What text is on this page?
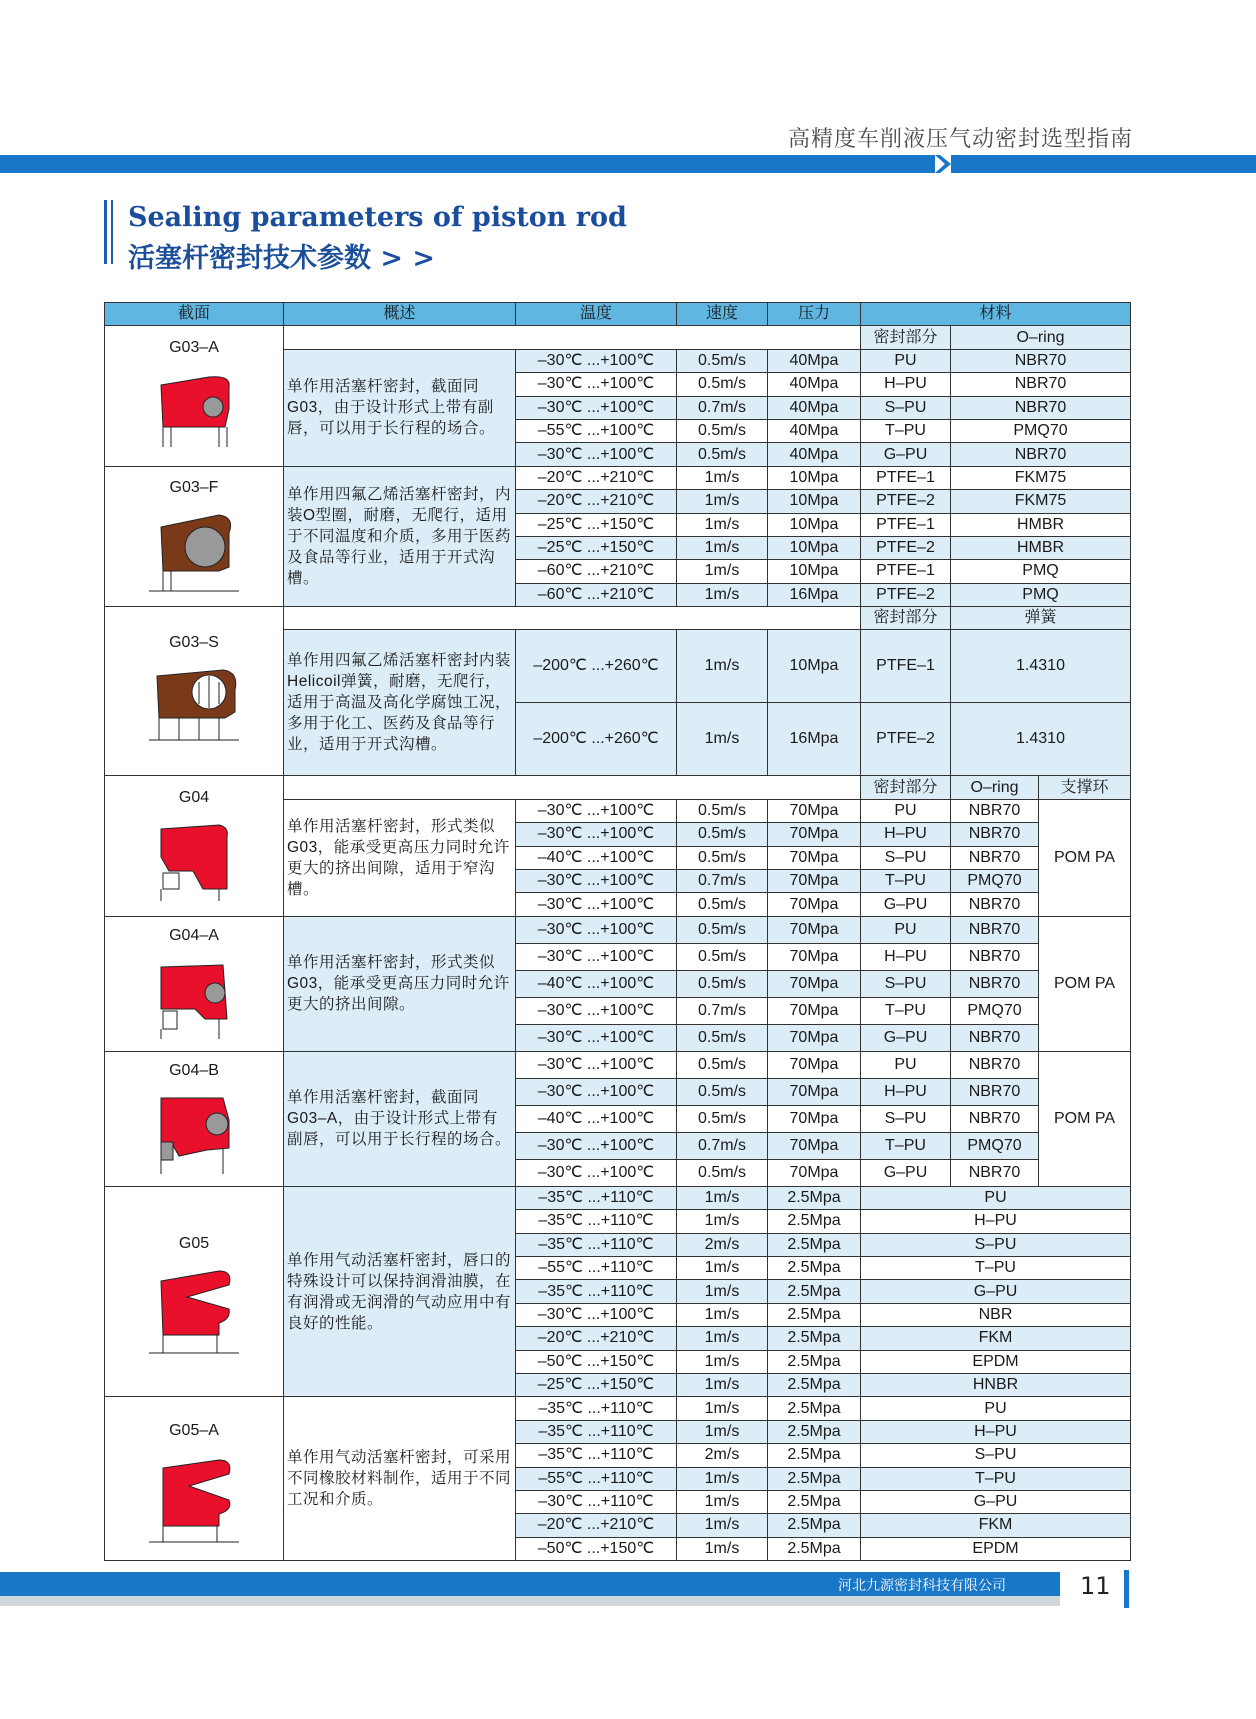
高精度车削液压气动密封选型指南
Sealing parameters of piston rod
活塞杆密封技术参数 > >
截面	概述	温度	速度	压力	材料		

G03–A					密封部分	O–ring	
	单作用活塞杆密封，截面同G03，由于设计形式上带有副唇，可以用于长行程的场合。	–30℃ ...+100℃	0.5m/s	40Mpa	PU	NBR70	
		–30℃ ...+100℃	0.5m/s	40Mpa	H–PU	NBR70	
		–30℃ ...+100℃	0.7m/s	40Mpa	S–PU	NBR70	
		–55℃ ...+100℃	0.5m/s	40Mpa	T–PU	PMQ70	
		–30℃ ...+100℃	0.5m/s	40Mpa	G–PU	NBR70	

G03–F	单作用四氟乙烯活塞杆密封，内装O型圈，耐磨，无爬行，适用于不同温度和介质，多用于医药及食品等行业，适用于开式沟槽。	–20℃ ...+210℃	1m/s	10Mpa	PTFE–1	FKM75	
		–20℃ ...+210℃	1m/s	10Mpa	PTFE–2	FKM75	
		–25℃ ...+150℃	1m/s	10Mpa	PTFE–1	HMBR	
		–25℃ ...+150℃	1m/s	10Mpa	PTFE–2	HMBR	
		–60℃ ...+210℃	1m/s	10Mpa	PTFE–1	PMQ	
		–60℃ ...+210℃	1m/s	16Mpa	PTFE–2	PMQ	

G03–S					密封部分	弹簧	
	单作用四氟乙烯活塞杆密封内装Helicoil弹簧，耐磨，无爬行，适用于高温及高化学腐蚀工况，多用于化工、医药及食品等行业，适用于开式沟槽。	–200℃ ...+260℃	1m/s	10Mpa	PTFE–1	1.4310	
		–200℃ ...+260℃	1m/s	16Mpa	PTFE–2	1.4310	

G04					密封部分	O–ring	支撑环
	单作用活塞杆密封，形式类似G03，能承受更高压力同时允许更大的挤出间隙，适用于窄沟槽。	–30℃ ...+100℃	0.5m/s	70Mpa	PU	NBR70	POM PA
		–30℃ ...+100℃	0.5m/s	70Mpa	H–PU	NBR70	
		–40℃ ...+100℃	0.5m/s	70Mpa	S–PU	NBR70	
		–30℃ ...+100℃	0.7m/s	70Mpa	T–PU	PMQ70	
		–30℃ ...+100℃	0.5m/s	70Mpa	G–PU	NBR70	

G04–A	单作用活塞杆密封，形式类似G03，能承受更高压力同时允许更大的挤出间隙。	–30℃ ...+100℃	0.5m/s	70Mpa	PU	NBR70	POM PA
		–30℃ ...+100℃	0.5m/s	70Mpa	H–PU	NBR70	
		–40℃ ...+100℃	0.5m/s	70Mpa	S–PU	NBR70	
		–30℃ ...+100℃	0.7m/s	70Mpa	T–PU	PMQ70	
		–30℃ ...+100℃	0.5m/s	70Mpa	G–PU	NBR70	

G04–B	单作用活塞杆密封，截面同G03–A，由于设计形式上带有副唇，可以用于长行程的场合。	–30℃ ...+100℃	0.5m/s	70Mpa	PU	NBR70	POM PA
		–30℃ ...+100℃	0.5m/s	70Mpa	H–PU	NBR70	
		–40℃ ...+100℃	0.5m/s	70Mpa	S–PU	NBR70	
		–30℃ ...+100℃	0.7m/s	70Mpa	T–PU	PMQ70	
		–30℃ ...+100℃	0.5m/s	70Mpa	G–PU	NBR70	

G05	单作用气动活塞杆密封，唇口的特殊设计可以保持润滑油膜，在有润滑或无润滑的气动应用中有良好的性能。	–35℃ ...+110℃	1m/s	2.5Mpa	PU		
		–35℃ ...+110℃	1m/s	2.5Mpa	H–PU		
		–35℃ ...+110℃	2m/s	2.5Mpa	S–PU		
		–55℃ ...+110℃	1m/s	2.5Mpa	T–PU		
		–35℃ ...+110℃	1m/s	2.5Mpa	G–PU		
		–30℃ ...+100℃	1m/s	2.5Mpa	NBR		
		–20℃ ...+210℃	1m/s	2.5Mpa	FKM		
		–50℃ ...+150℃	1m/s	2.5Mpa	EPDM		
		–25℃ ...+150℃	1m/s	2.5Mpa	HNBR		

G05–A	单作用气动活塞杆密封，可采用不同橡胶材料制作，适用于不同工况和介质。	–35℃ ...+110℃	1m/s	2.5Mpa	PU		
		–35℃ ...+110℃	1m/s	2.5Mpa	H–PU		
		–35℃ ...+110℃	2m/s	2.5Mpa	S–PU		
		–55℃ ...+110℃	1m/s	2.5Mpa	T–PU		
		–30℃ ...+110℃	1m/s	2.5Mpa	G–PU		
		–20℃ ...+210℃	1m/s	2.5Mpa	FKM		
		–50℃ ...+150℃	1m/s	2.5Mpa	EPDM		
河北九源密封科技有限公司	11
